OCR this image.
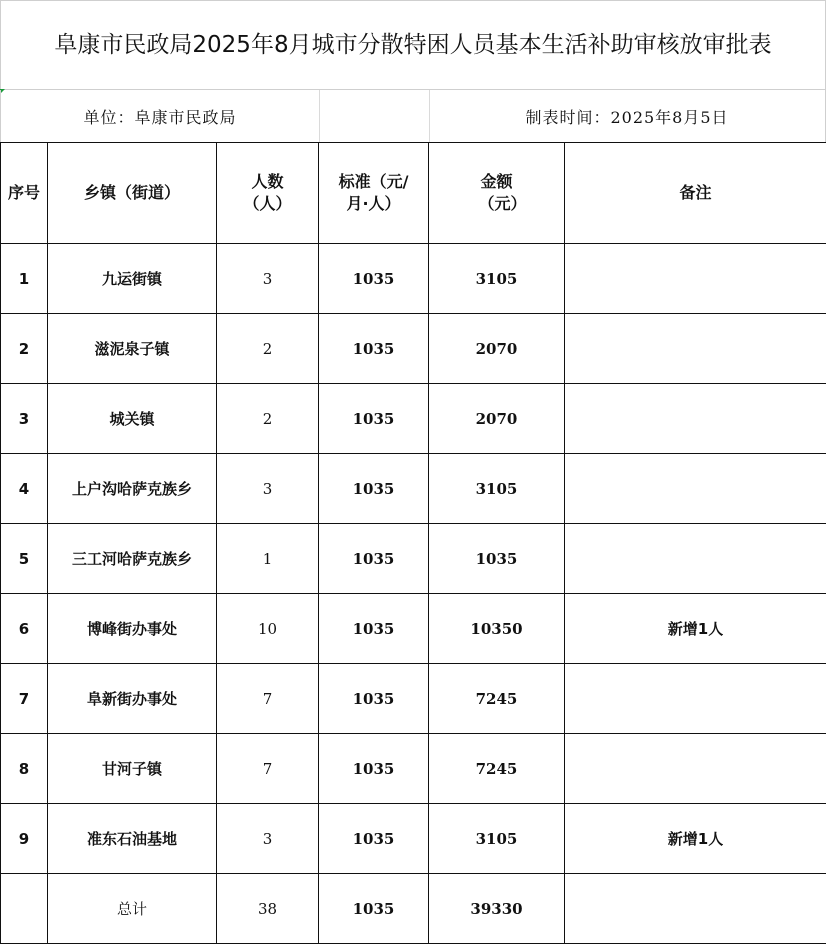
阜康市民政局2025年8月城市分散特困人员基本生活补助审核放审批表
单位：阜康市民政局	制表时间：2025年8月5日
序号	乡镇（街道）	人数（人）	标准（元/月·人）	金额（元）	备注
1	九运街镇	3	1035	3105	
2	滋泥泉子镇	2	1035	2070	
3	城关镇	2	1035	2070	
4	上户沟哈萨克族乡	3	1035	3105	
5	三工河哈萨克族乡	1	1035	1035	
6	博峰街办事处	10	1035	10350	新增1人
7	阜新街办事处	7	1035	7245	
8	甘河子镇	7	1035	7245	
9	准东石油基地	3	1035	3105	新增1人
	总计	38	1035	39330	
